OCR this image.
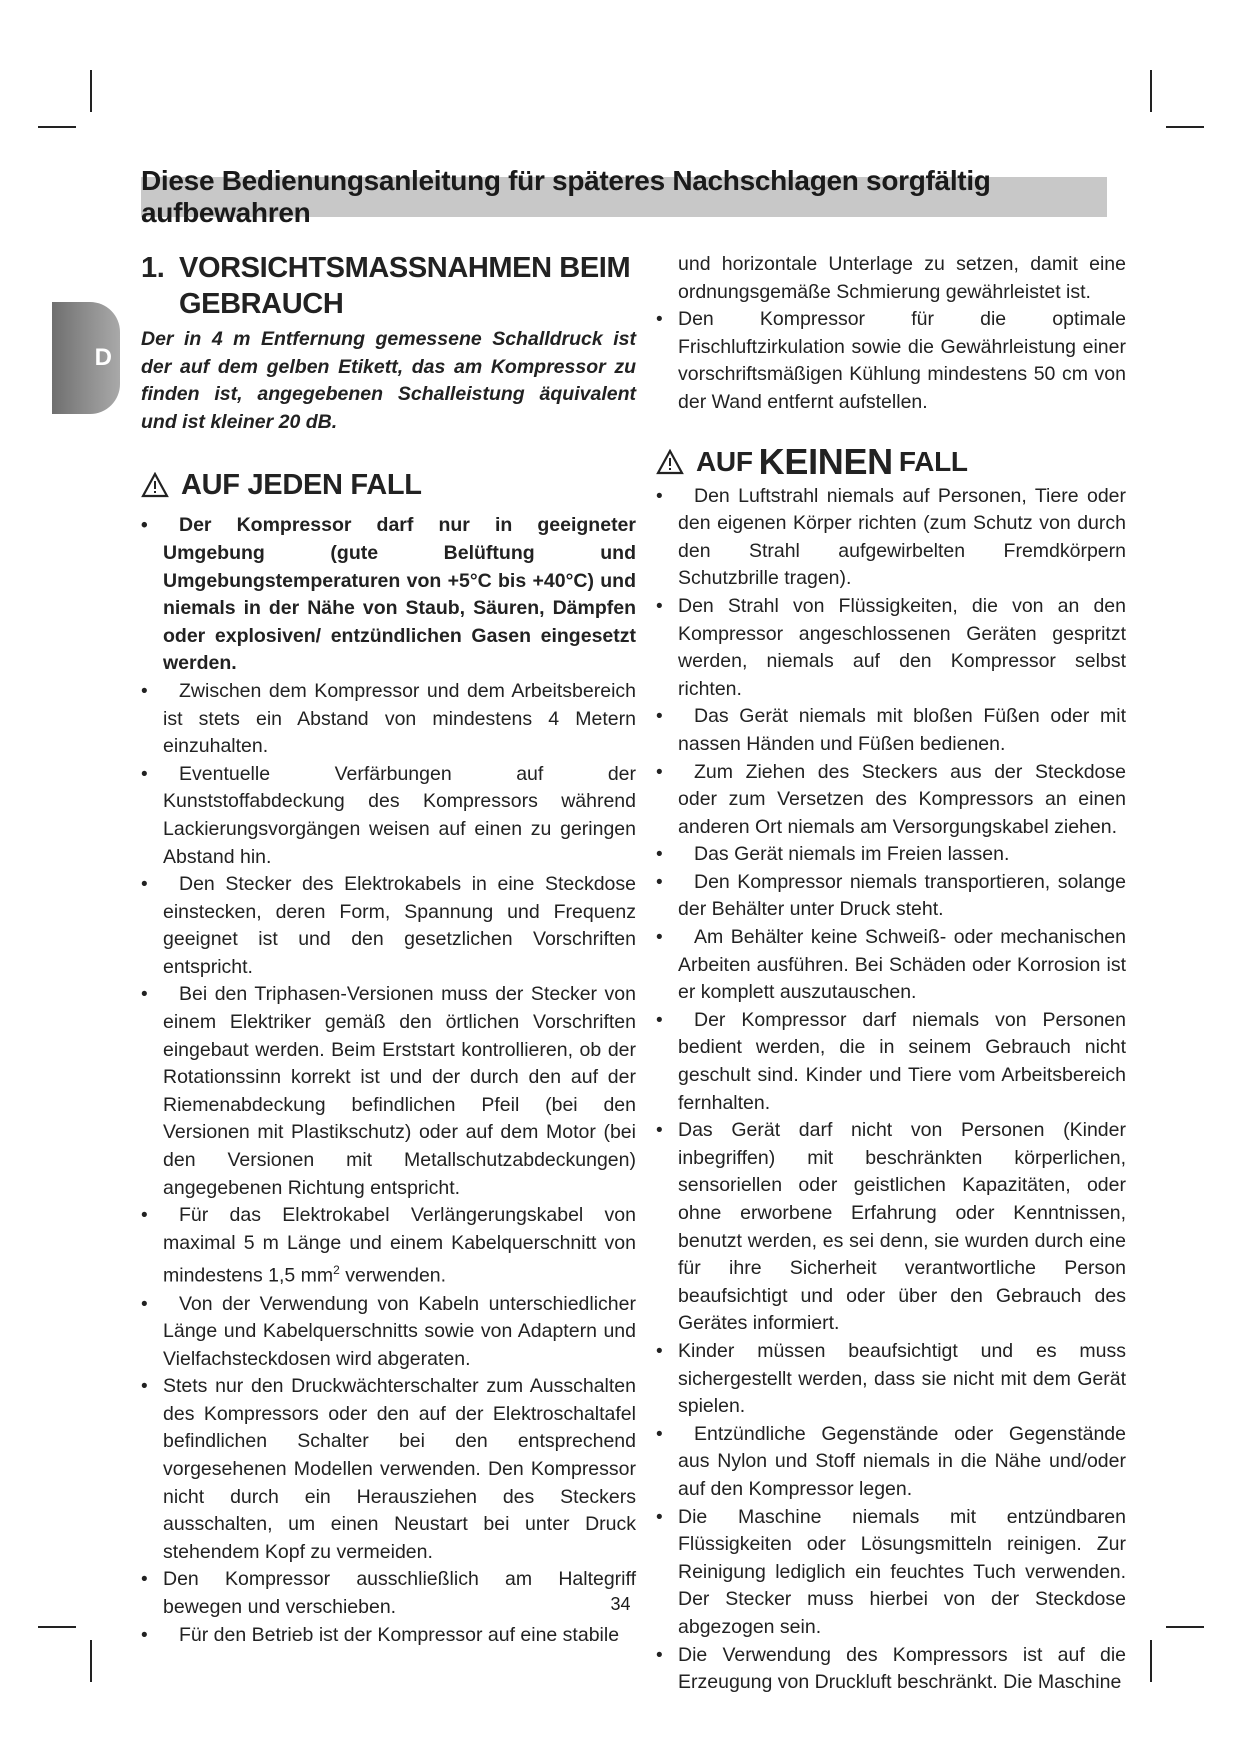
Diese Bedienungsanleitung für späteres Nachschlagen sorgfältig aufbewahren
D
1. VORSICHTSMASSNAHMEN BEIM
GEBRAUCH

Der in 4 m Entfernung gemessene Schalldruck ist der auf dem gelben Etikett, das am Kompressor zu finden ist, angegebenen Schalleistung äquivalent und ist kleiner 20 dB.

AUF JEDEN FALL
• Der Kompressor darf nur in geeigneter Umgebung (gute Belüftung und Umgebungstemperaturen von +5°C bis +40°C) und niemals in der Nähe von Staub, Säuren, Dämpfen oder explosiven/ entzündlichen Gasen eingesetzt werden.
• Zwischen dem Kompressor und dem Arbeitsbereich ist stets ein Abstand von mindestens 4 Metern einzuhalten.
• Eventuelle Verfärbungen auf der Kunststoffabdeckung des Kompressors während Lackierungsvorgängen weisen auf einen zu geringen Abstand hin.
• Den Stecker des Elektrokabels in eine Steckdose einstecken, deren Form, Spannung und Frequenz geeignet ist und den gesetzlichen Vorschriften entspricht.
• Bei den Triphasen-Versionen muss der Stecker von einem Elektriker gemäß den örtlichen Vorschriften eingebaut werden. Beim Erststart kontrollieren, ob der Rotationssinn korrekt ist und der durch den auf der Riemenabdeckung befindlichen Pfeil (bei den Versionen mit Plastikschutz) oder auf dem Motor (bei den Versionen mit Metallschutzabdeckungen) angegebenen Richtung entspricht.
• Für das Elektrokabel Verlängerungskabel von maximal 5 m Länge und einem Kabelquerschnitt von mindestens 1,5 $mm^2$ verwenden.
• Von der Verwendung von Kabeln unterschiedlicher Länge und Kabelquerschnitts sowie von Adaptern und Vielfachsteckdosen wird abgeraten.
• Stets nur den Druckwächterschalter zum Ausschalten des Kompressors oder den auf der Elektroschaltafel befindlichen Schalter bei den entsprechend vorgesehenen Modellen verwenden. Den Kompressor nicht durch ein Herausziehen des Steckers ausschalten, um einen Neustart bei unter Druck stehendem Kopf zu vermeiden.
• Den Kompressor ausschließlich am Haltegriff bewegen und verschieben.
• Für den Betrieb ist der Kompressor auf eine stabile
und horizontale Unterlage zu setzen, damit eine ordnungsgemäße Schmierung gewährleistet ist.
• Den Kompressor für die optimale Frischluftzirkulation sowie die Gewährleistung einer vorschriftsmäßigen Kühlung mindestens 50 cm von der Wand entfernt aufstellen.
AUF KEINEN FALL
• Den Luftstrahl niemals auf Personen, Tiere oder den eigenen Körper richten (zum Schutz von durch den Strahl aufgewirbelten Fremdkörpern Schutzbrille tragen).
• Den Strahl von Flüssigkeiten, die von an den Kompressor angeschlossenen Geräten gespritzt werden, niemals auf den Kompressor selbst richten.
• Das Gerät niemals mit bloßen Füßen oder mit nassen Händen und Füßen bedienen.
• Zum Ziehen des Steckers aus der Steckdose oder zum Versetzen des Kompressors an einen anderen Ort niemals am Versorgungskabel ziehen.
• Das Gerät niemals im Freien lassen.
• Den Kompressor niemals transportieren, solange der Behälter unter Druck steht.
• Am Behälter keine Schweiß- oder mechanischen Arbeiten ausführen. Bei Schäden oder Korrosion ist er komplett auszutauschen.
• Der Kompressor darf niemals von Personen bedient werden, die in seinem Gebrauch nicht geschult sind. Kinder und Tiere vom Arbeitsbereich fernhalten.
• Das Gerät darf nicht von Personen (Kinder inbegriffen) mit beschränkten körperlichen, sensoriellen oder geistlichen Kapazitäten, oder ohne erworbene Erfahrung oder Kenntnissen, benutzt werden, es sei denn, sie wurden durch eine für ihre Sicherheit verantwortliche Person beaufsichtigt und oder über den Gebrauch des Gerätes informiert.
• Kinder müssen beaufsichtigt und es muss sichergestellt werden, dass sie nicht mit dem Gerät spielen.
• Entzündliche Gegenstände oder Gegenstände aus Nylon und Stoff niemals in die Nähe und/oder auf den Kompressor legen.
• Die Maschine niemals mit entzündbaren Flüssigkeiten oder Lösungsmitteln reinigen. Zur Reinigung lediglich ein feuchtes Tuch verwenden. Der Stecker muss hierbei von der Steckdose abgezogen sein.
• Die Verwendung des Kompressors ist auf die Erzeugung von Druckluft beschränkt. Die Maschine
34
